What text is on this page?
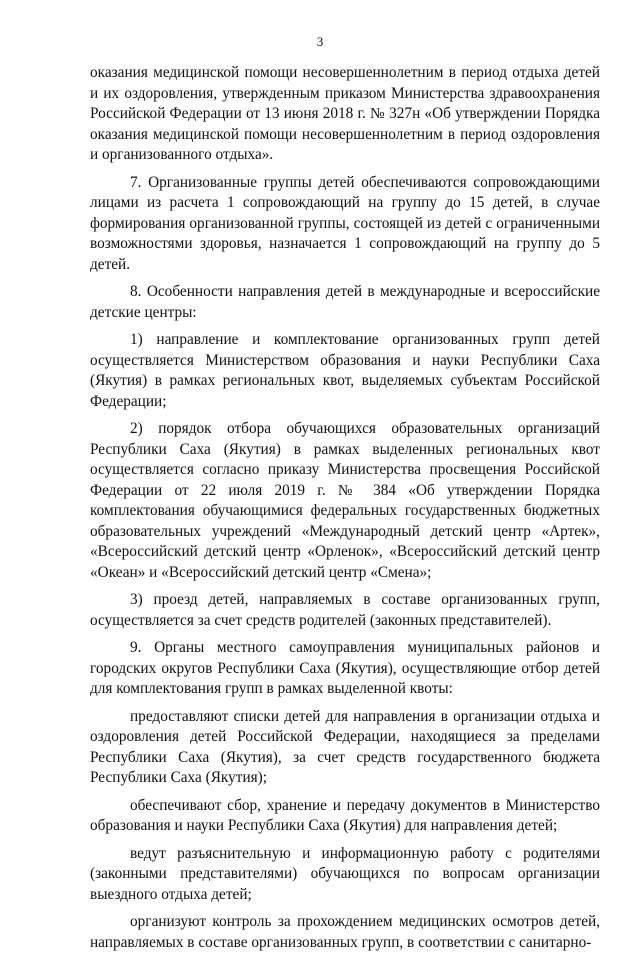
3

оказания медицинской помощи несовершеннолетним в период отдыха детей и их оздоровления, утвержденным приказом Министерства здравоохранения Российской Федерации от 13 июня 2018 г. № 327н «Об утверждении Порядка оказания медицинской помощи несовершеннолетним в период оздоровления и организованного отдыха».

7. Организованные группы детей обеспечиваются сопровождающими лицами из расчета 1 сопровождающий на группу до 15 детей, в случае формирования организованной группы, состоящей из детей с ограниченными возможностями здоровья, назначается 1 сопровождающий на группу до 5 детей.

8. Особенности направления детей в международные и всероссийские детские центры:

1) направление и комплектование организованных групп детей осуществляется Министерством образования и науки Республики Саха (Якутия) в рамках региональных квот, выделяемых субъектам Российской Федерации;

2) порядок отбора обучающихся образовательных организаций Республики Саха (Якутия) в рамках выделенных региональных квот осуществляется согласно приказу Министерства просвещения Российской Федерации от 22 июля 2019 г. № 384 «Об утверждении Порядка комплектования обучающимися федеральных государственных бюджетных образовательных учреждений «Международный детский центр «Артек», «Всероссийский детский центр «Орленок», «Всероссийский детский центр «Океан» и «Всероссийский детский центр «Смена»;

3) проезд детей, направляемых в составе организованных групп, осуществляется за счет средств родителей (законных представителей).

9. Органы местного самоуправления муниципальных районов и городских округов Республики Саха (Якутия), осуществляющие отбор детей для комплектования групп в рамках выделенной квоты:

предоставляют списки детей для направления в организации отдыха и оздоровления детей Российской Федерации, находящиеся за пределами Республики Саха (Якутия), за счет средств государственного бюджета Республики Саха (Якутия);

обеспечивают сбор, хранение и передачу документов в Министерство образования и науки Республики Саха (Якутия) для направления детей;

ведут разъяснительную и информационную работу с родителями (законными представителями) обучающихся по вопросам организации выездного отдыха детей;

организуют контроль за прохождением медицинских осмотров детей, направляемых в составе организованных групп, в соответствии с санитарно-
